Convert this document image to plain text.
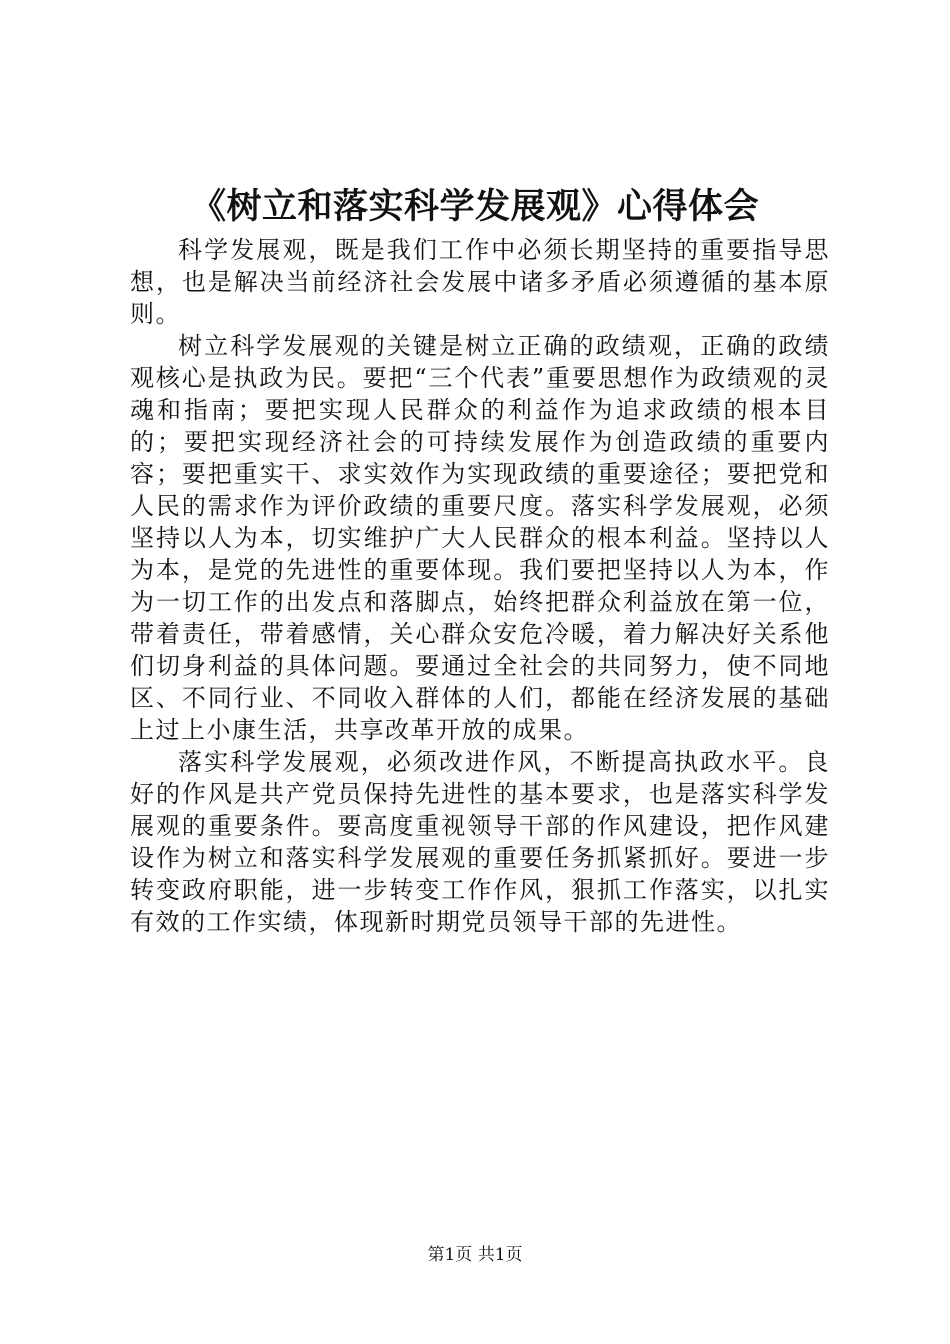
《树立和落实科学发展观》心得体会

科学发展观，既是我们工作中必须长期坚持的重要指导思想，也是解决当前经济社会发展中诸多矛盾必须遵循的基本原则。

树立科学发展观的关键是树立正确的政绩观，正确的政绩观核心是执政为民。要把“三个代表”重要思想作为政绩观的灵魂和指南；要把实现人民群众的利益作为追求政绩的根本目的；要把实现经济社会的可持续发展作为创造政绩的重要内容；要把重实干、求实效作为实现政绩的重要途径；要把党和人民的需求作为评价政绩的重要尺度。落实科学发展观，必须坚持以人为本，切实维护广大人民群众的根本利益。坚持以人为本，是党的先进性的重要体现。我们要把坚持以人为本，作为一切工作的出发点和落脚点，始终把群众利益放在第一位，带着责任，带着感情，关心群众安危冷暖，着力解决好关系他们切身利益的具体问题。要通过全社会的共同努力，使不同地区、不同行业、不同收入群体的人们，都能在经济发展的基础上过上小康生活，共享改革开放的成果。

落实科学发展观，必须改进作风，不断提高执政水平。良好的作风是共产党员保持先进性的基本要求，也是落实科学发展观的重要条件。要高度重视领导干部的作风建设，把作风建设作为树立和落实科学发展观的重要任务抓紧抓好。要进一步转变政府职能，进一步转变工作作风，狠抓工作落实，以扎实有效的工作实绩，体现新时期党员领导干部的先进性。

第1页 共1页
